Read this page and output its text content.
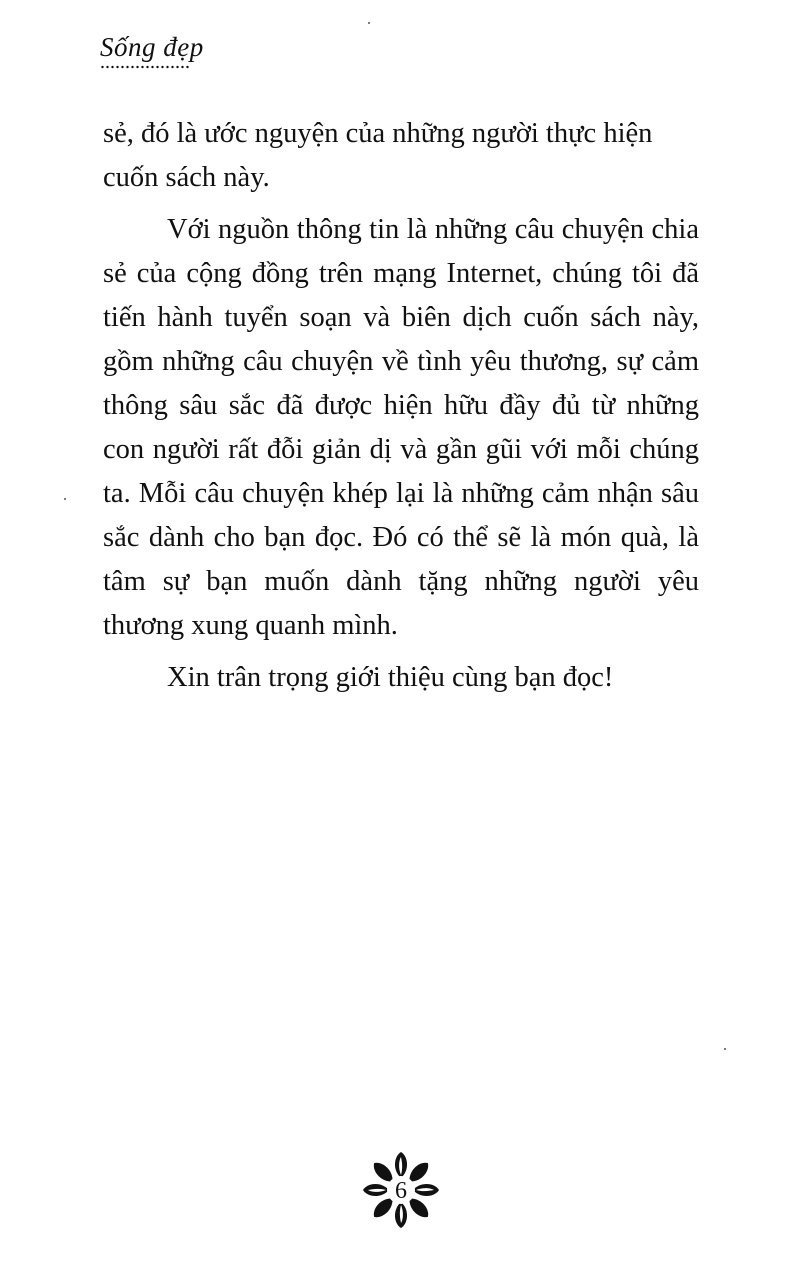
Sống đẹp

sẻ, đó là ước nguyện của những người thực hiện cuốn sách này.

Với nguồn thông tin là những câu chuyện chia sẻ của cộng đồng trên mạng Internet, chúng tôi đã tiến hành tuyển soạn và biên dịch cuốn sách này, gồm những câu chuyện về tình yêu thương, sự cảm thông sâu sắc đã được hiện hữu đầy đủ từ những con người rất đỗi giản dị và gần gũi với mỗi chúng ta. Mỗi câu chuyện khép lại là những cảm nhận sâu sắc dành cho bạn đọc. Đó có thể sẽ là món quà, là tâm sự bạn muốn dành tặng những người yêu thương xung quanh mình.

Xin trân trọng giới thiệu cùng bạn đọc!

6
